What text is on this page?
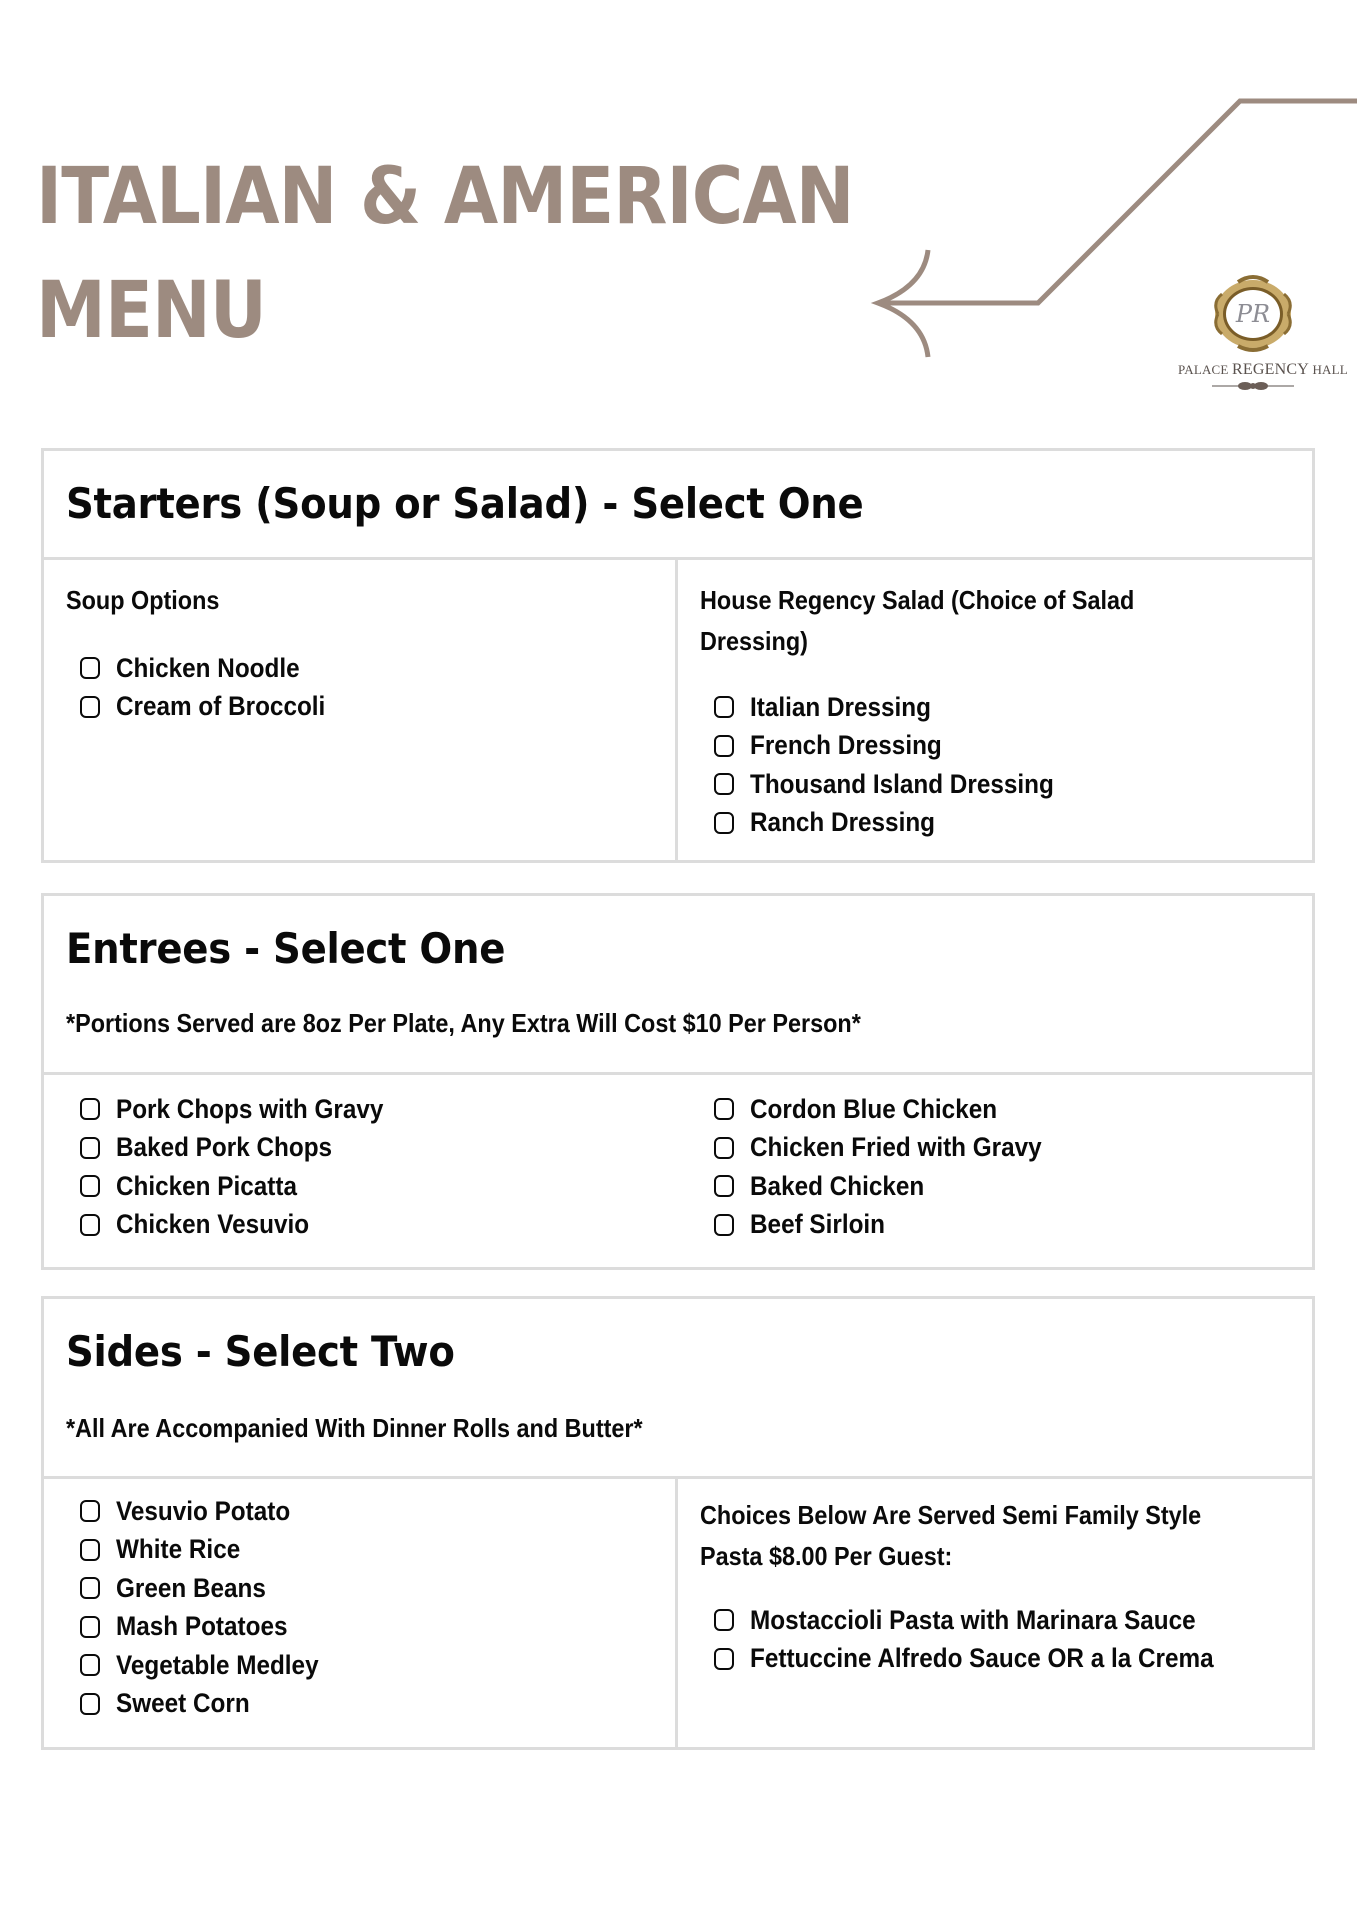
ITALIAN & AMERICAN
MENU	PR
PALACE REGENCY HALL
Starters (Soup or Salad) - Select One
Soup Options
Chicken Noodle
Cream of Broccoli
House Regency Salad (Choice of Salad Dressing)
Italian Dressing
French Dressing
Thousand Island Dressing
Ranch Dressing
Entrees - Select One
*Portions Served are 8oz Per Plate, Any Extra Will Cost $10 Per Person*
Pork Chops with Gravy
Baked Pork Chops
Chicken Picatta
Chicken Vesuvio
Cordon Blue Chicken
Chicken Fried with Gravy
Baked Chicken
Beef Sirloin
Sides - Select Two
*All Are Accompanied With Dinner Rolls and Butter*
Vesuvio Potato
White Rice
Green Beans
Mash Potatoes
Vegetable Medley
Sweet Corn
Choices Below Are Served Semi Family Style
Pasta $8.00 Per Guest:
Mostaccioli Pasta with Marinara Sauce
Fettuccine Alfredo Sauce OR a la Crema
